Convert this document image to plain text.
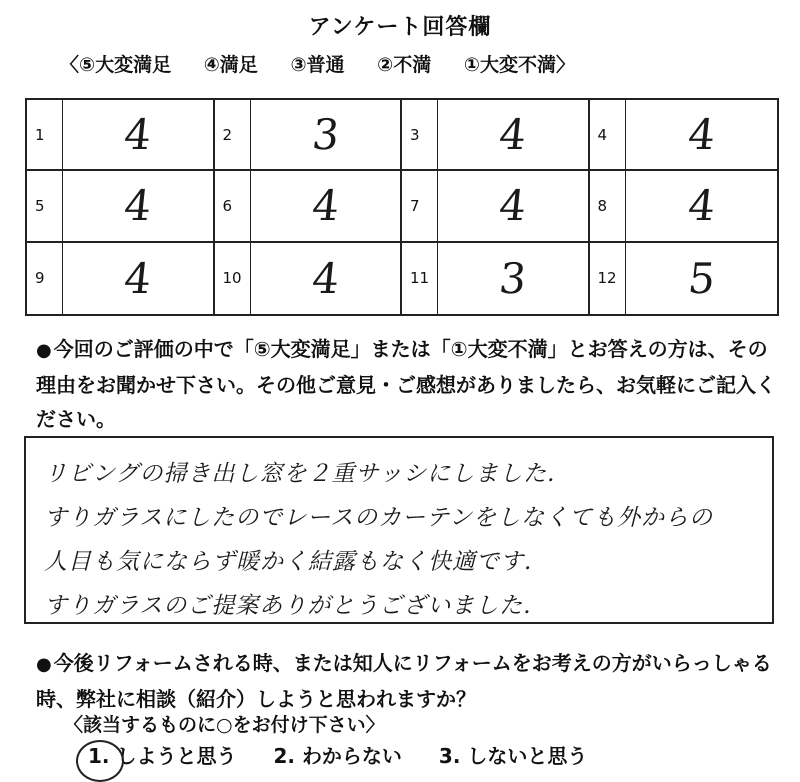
アンケート回答欄
〈⑤大変満足 ④満足 ③普通 ②不満 ①大変不満〉
1	4	2	3	3	4	4	4
5	4	6	4	7	4	8	4
9	4	10	4	11	3	12	5
● 今回のご評価の中で「⑤大変満足」または「①大変不満」とお答えの方は、その理由をお聞かせ下さい。その他ご意見・ご感想がありましたら、お気軽にご記入ください。
リビングの掃き出し窓を２重サッシにしました.
すりガラスにしたのでレースのカーテンをしなくても外からの
人目も気にならず暖かく結露もなく快適です.
すりガラスのご提案ありがとうございました.
● 今後リフォームされる時、または知人にリフォームをお考えの方がいらっしゃる時、弊社に相談（紹介）しようと思われますか？
〈該当するものに○をお付け下さい〉
1. しようと思う 2. わからない 3. しないと思う
